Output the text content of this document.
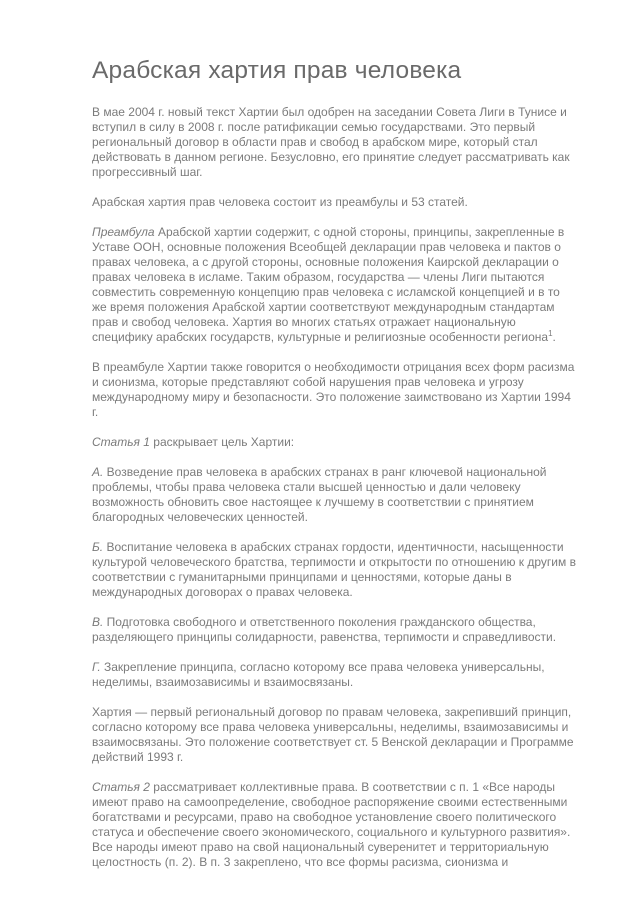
Арабская хартия прав человека

В мае 2004 г. новый текст Хартии был одобрен на заседании Совета Лиги в Тунисе и вступил в силу в 2008 г. после ратификации семью государствами. Это первый региональный договор в области прав и свобод в арабском мире, который стал действовать в данном регионе. Безусловно, его принятие следует рассматривать как прогрессивный шаг.

Арабская хартия прав человека состоит из преамбулы и 53 статей.

Преамбула Арабской хартии содержит, с одной стороны, принципы, закрепленные в Уставе ООН, основные положения Всеобщей декларации прав человека и пактов о правах человека, а с другой стороны, основные положения Каирской декларации о правах человека в исламе. Таким образом, государства — члены Лиги пытаются совместить современную концепцию прав человека с исламской концепцией и в то же время положения Арабской хартии соответствуют международным стандартам прав и свобод человека. Хартия во многих статьях отражает национальную специфику арабских государств, культурные и религиозные особенности региона$^1$.

В преамбуле Хартии также говорится о необходимости отрицания всех форм расизма и сионизма, которые представляют собой нарушения прав человека и угрозу международному миру и безопасности. Это положение заимствовано из Хартии 1994 г.

Статья 1 раскрывает цель Хартии:

А. Возведение прав человека в арабских странах в ранг ключевой национальной проблемы, чтобы права человека стали высшей ценностью и дали человеку возможность обновить свое настоящее к лучшему в соответствии с принятием благородных человеческих ценностей.

Б. Воспитание человека в арабских странах гордости, идентичности, насыщенности культурой человеческого братства, терпимости и открытости по отношению к другим в соответствии с гуманитарными принципами и ценностями, которые даны в международных договорах о правах человека.

В. Подготовка свободного и ответственного поколения гражданского общества, разделяющего принципы солидарности, равенства, терпимости и справедливости.

Г. Закрепление принципа, согласно которому все права человека универсальны, неделимы, взаимозависимы и взаимосвязаны.

Хартия — первый региональный договор по правам человека, закрепивший принцип, согласно которому все права человека универсальны, неделимы, взаимозависимы и взаимосвязаны. Это положение соответствует ст. 5 Венской декларации и Программе действий 1993 г.

Статья 2 рассматривает коллективные права. В соответствии с п. 1 «Все народы имеют право на самоопределение, свободное распоряжение своими естественными богатствами и ресурсами, право на свободное установление своего политического статуса и обеспечение своего экономического, социального и культурного развития». Все народы имеют право на свой национальный суверенитет и территориальную целостность (п. 2). В п. 3 закреплено, что все формы расизма, сионизма и
